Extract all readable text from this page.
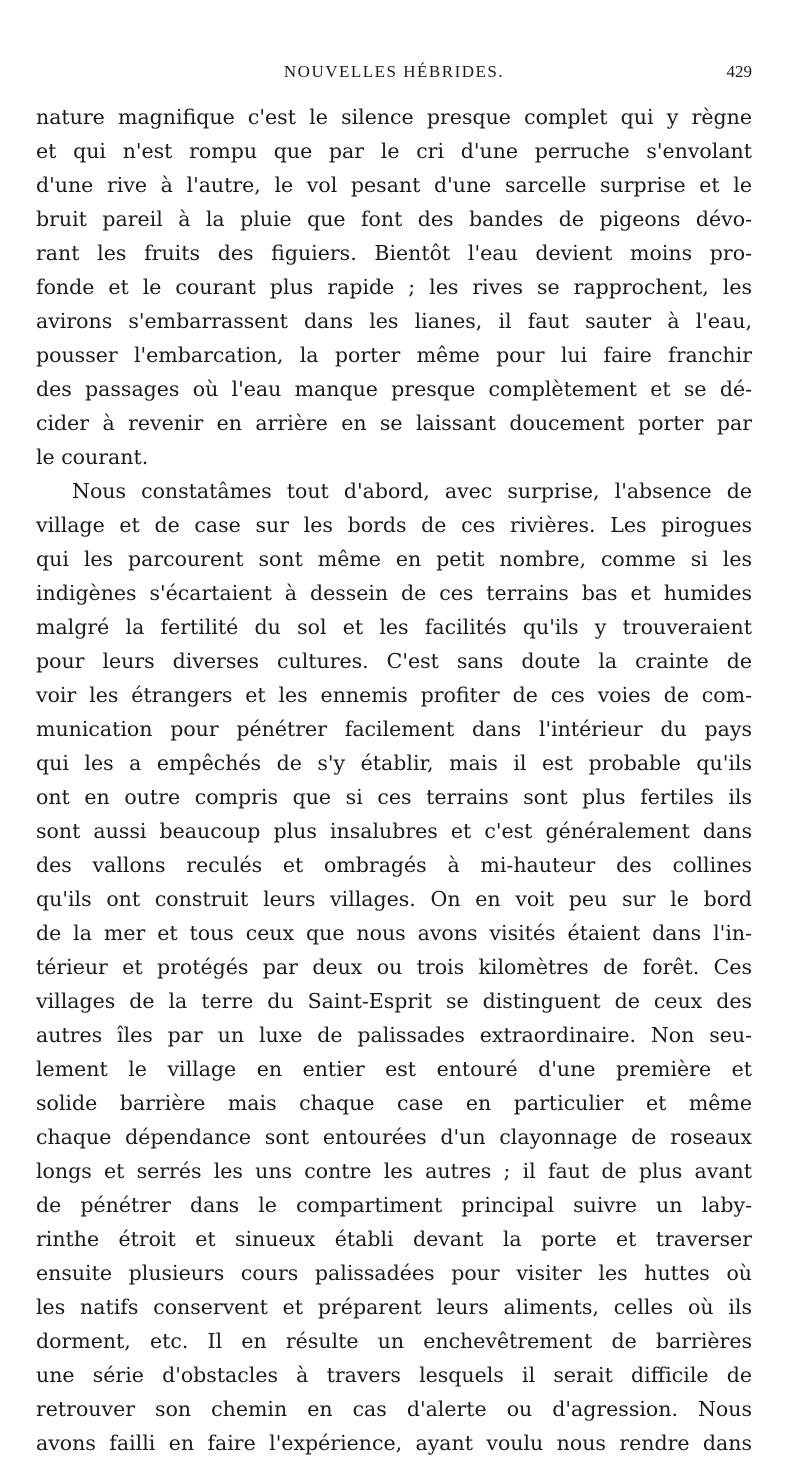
NOUVELLES HÉBRIDES.	429
nature magnifique c'est le silence presque complet qui y règne
et qui n'est rompu que par le cri d'une perruche s'envolant
d'une rive à l'autre, le vol pesant d'une sarcelle surprise et le
bruit pareil à la pluie que font des bandes de pigeons dévo-
rant les fruits des figuiers. Bientôt l'eau devient moins pro-
fonde et le courant plus rapide ; les rives se rapprochent, les
avirons s'embarrassent dans les lianes, il faut sauter à l'eau,
pousser l'embarcation, la porter même pour lui faire franchir
des passages où l'eau manque presque complètement et se dé-
cider à revenir en arrière en se laissant doucement porter par
le courant.
Nous constatâmes tout d'abord, avec surprise, l'absence de
village et de case sur les bords de ces rivières. Les pirogues
qui les parcourent sont même en petit nombre, comme si les
indigènes s'écartaient à dessein de ces terrains bas et humides
malgré la fertilité du sol et les facilités qu'ils y trouveraient
pour leurs diverses cultures. C'est sans doute la crainte de
voir les étrangers et les ennemis profiter de ces voies de com-
munication pour pénétrer facilement dans l'intérieur du pays
qui les a empêchés de s'y établir, mais il est probable qu'ils
ont en outre compris que si ces terrains sont plus fertiles ils
sont aussi beaucoup plus insalubres et c'est généralement dans
des vallons reculés et ombragés à mi-hauteur des collines
qu'ils ont construit leurs villages. On en voit peu sur le bord
de la mer et tous ceux que nous avons visités étaient dans l'in-
térieur et protégés par deux ou trois kilomètres de forêt. Ces
villages de la terre du Saint-Esprit se distinguent de ceux des
autres îles par un luxe de palissades extraordinaire. Non seu-
lement le village en entier est entouré d'une première et
solide barrière mais chaque case en particulier et même
chaque dépendance sont entourées d'un clayonnage de roseaux
longs et serrés les uns contre les autres ; il faut de plus avant
de pénétrer dans le compartiment principal suivre un laby-
rinthe étroit et sinueux établi devant la porte et traverser
ensuite plusieurs cours palissadées pour visiter les huttes où
les natifs conservent et préparent leurs aliments, celles où ils
dorment, etc. Il en résulte un enchevêtrement de barrières
une série d'obstacles à travers lesquels il serait difficile de
retrouver son chemin en cas d'alerte ou d'agression. Nous
avons failli en faire l'expérience, ayant voulu nous rendre dans
